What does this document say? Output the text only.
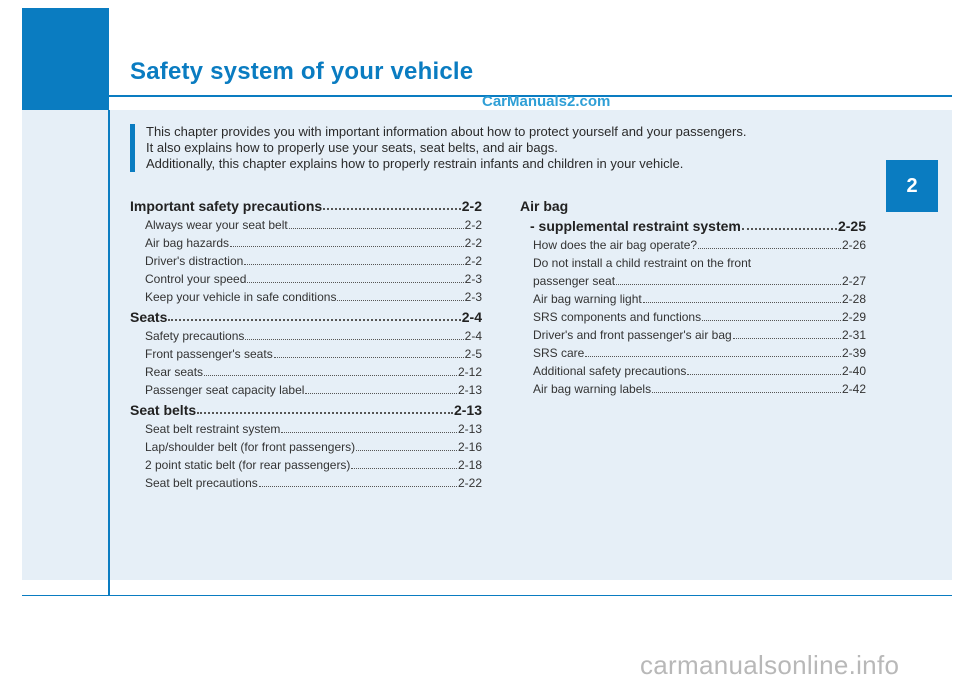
Safety system of your vehicle
CarManuals2.com

This chapter provides you with important information about how to protect yourself and your passengers.

It also explains how to properly use your seats, seat belts, and air bags.

Additionally, this chapter explains how to properly restrain infants and children in your vehicle.

2
Important safety precautions	2-2
Always wear your seat belt	2-2
Air bag hazards	2-2
Driver's distraction	2-2
Control your speed	2-3
Keep your vehicle in safe conditions	2-3
Seats	2-4
Safety precautions	2-4
Front passenger's seats	2-5
Rear seats	2-12
Passenger seat capacity label	2-13
Seat belts	2-13
Seat belt restraint system	2-13
Lap/shoulder belt (for front passengers)	2-16
2 point static belt (for rear passengers)	2-18
Seat belt precautions	2-22
Air bag
- supplemental restraint system	2-25
How does the air bag operate?	2-26
Do not install a child restraint on the front
passenger seat	2-27
Air bag warning light	2-28
SRS components and functions	2-29
Driver's and front passenger's air bag	2-31
SRS care	2-39
Additional safety precautions	2-40
Air bag warning labels	2-42
carmanualsonline.info
